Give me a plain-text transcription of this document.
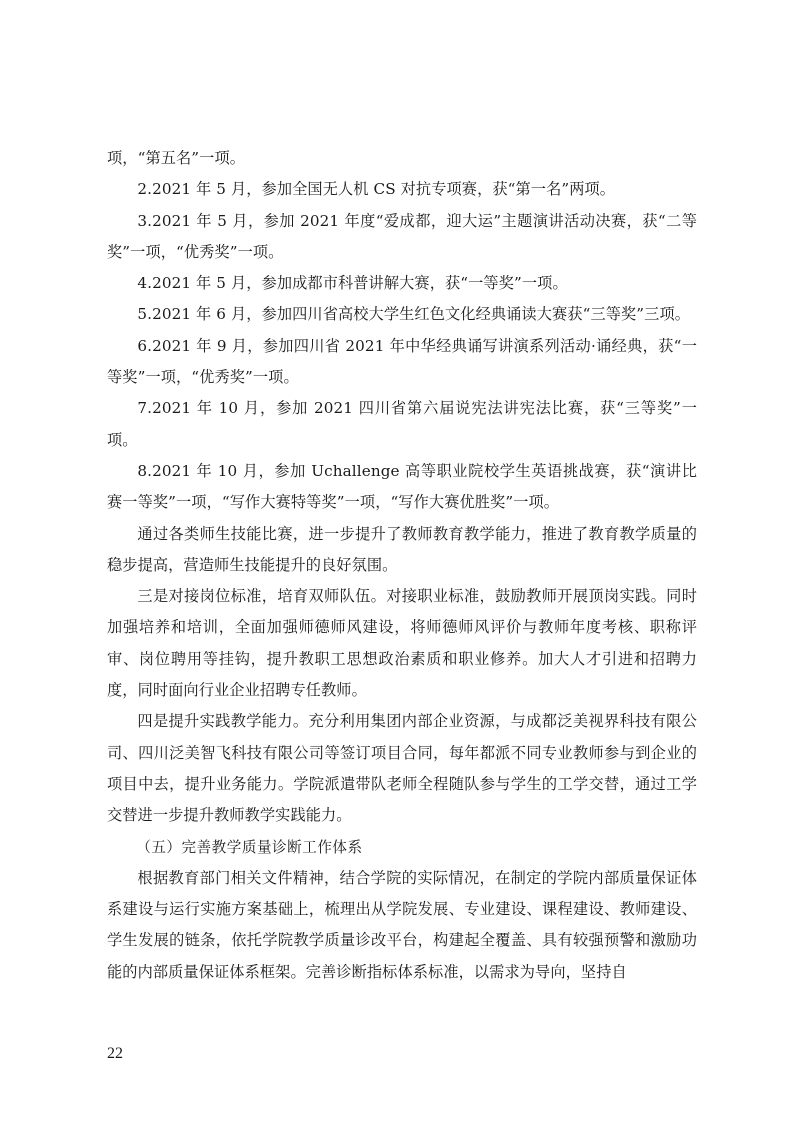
项，“第五名”一项。

2.2021 年 5 月，参加全国无人机 CS 对抗专项赛，获“第一名”两项。

3.2021 年 5 月，参加 2021 年度“爱成都，迎大运”主题演讲活动决赛，获“二等奖”一项，“优秀奖”一项。

4.2021 年 5 月，参加成都市科普讲解大赛，获“一等奖”一项。

5.2021 年 6 月，参加四川省高校大学生红色文化经典诵读大赛获“三等奖”三项。

6.2021 年 9 月，参加四川省 2021 年中华经典诵写讲演系列活动·诵经典，获“一等奖”一项，“优秀奖”一项。

7.2021 年 10 月，参加 2021 四川省第六届说宪法讲宪法比赛，获“三等奖”一项。

8.2021 年 10 月，参加 Uchallenge 高等职业院校学生英语挑战赛，获“演讲比赛一等奖”一项，“写作大赛特等奖”一项，“写作大赛优胜奖”一项。

通过各类师生技能比赛，进一步提升了教师教育教学能力，推进了教育教学质量的稳步提高，营造师生技能提升的良好氛围。

三是对接岗位标准，培育双师队伍。对接职业标准，鼓励教师开展顶岗实践。同时加强培养和培训，全面加强师德师风建设，将师德师风评价与教师年度考核、职称评审、岗位聘用等挂钩，提升教职工思想政治素质和职业修养。加大人才引进和招聘力度，同时面向行业企业招聘专任教师。

四是提升实践教学能力。充分利用集团内部企业资源，与成都泛美视界科技有限公司、四川泛美智飞科技有限公司等签订项目合同，每年都派不同专业教师参与到企业的项目中去，提升业务能力。学院派遣带队老师全程随队参与学生的工学交替，通过工学交替进一步提升教师教学实践能力。

（五）完善教学质量诊断工作体系

根据教育部门相关文件精神，结合学院的实际情况，在制定的学院内部质量保证体系建设与运行实施方案基础上，梳理出从学院发展、专业建设、课程建设、教师建设、学生发展的链条，依托学院教学质量诊改平台，构建起全覆盖、具有较强预警和激励功能的内部质量保证体系框架。完善诊断指标体系标准，以需求为导向，坚持自

22
